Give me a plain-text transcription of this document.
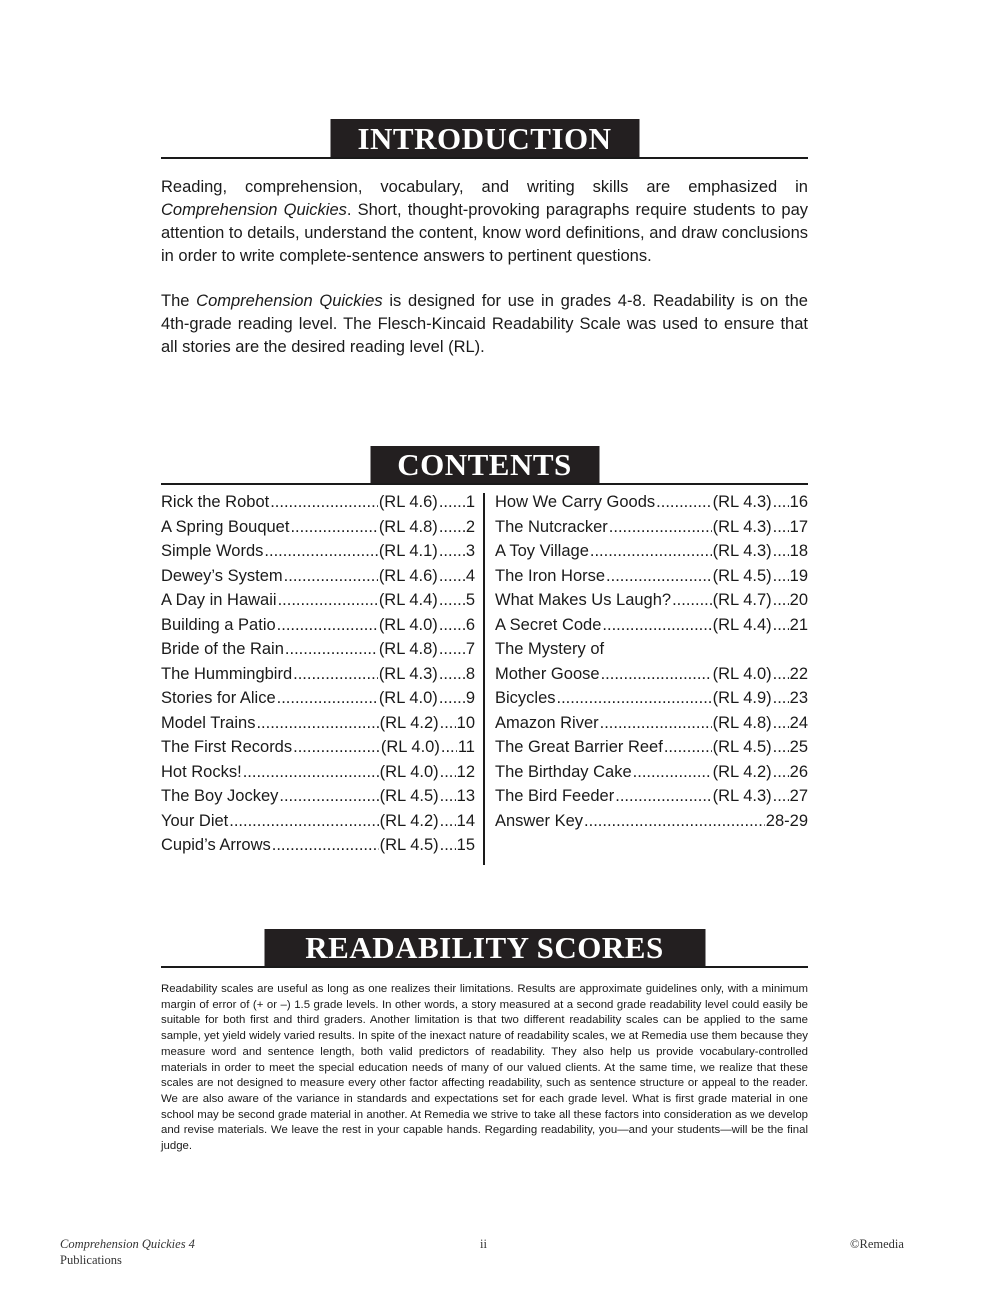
INTRODUCTION

Reading, comprehension, vocabulary, and writing skills are emphasized in Comprehension Quickies. Short, thought-provoking paragraphs require students to pay attention to details, understand the content, know word definitions, and draw conclusions in order to write complete-sentence answers to pertinent questions.

The Comprehension Quickies is designed for use in grades 4-8. Readability is on the 4th-grade reading level. The Flesch-Kincaid Readability Scale was used to ensure that all stories are the desired reading level (RL).

CONTENTS
Rick the Robot .....	(RL 4.6) ..... 1
A Spring Bouquet .....	(RL 4.8) ..... 2
Simple Words .....	(RL 4.1) ..... 3
Dewey’s System .....	(RL 4.6) ..... 4
A Day in Hawaii .....	(RL 4.4) ..... 5
Building a Patio .....	(RL 4.0) ..... 6
Bride of the Rain .....	(RL 4.8) ..... 7
The Hummingbird .....	(RL 4.3) ..... 8
Stories for Alice .....	(RL 4.0) ..... 9
Model Trains .....	(RL 4.2) ..... 10
The First Records .....	(RL 4.0) ..... 11
Hot Rocks! .....	(RL 4.0) ..... 12
The Boy Jockey .....	(RL 4.5) ..... 13
Your Diet .....	(RL 4.2) ..... 14
Cupid’s Arrows .....	(RL 4.5) ..... 15
How We Carry Goods .....	(RL 4.3) ..... 16
The Nutcracker .....	(RL 4.3) ..... 17
A Toy Village .....	(RL 4.3) ..... 18
The Iron Horse .....	(RL 4.5) ..... 19
What Makes Us Laugh? .....	(RL 4.7) ..... 20
A Secret Code .....	(RL 4.4) ..... 21
The Mystery of
Mother Goose .....	(RL 4.0) ..... 22
Bicycles .....	(RL 4.9) ..... 23
Amazon River .....	(RL 4.8) ..... 24
The Great Barrier Reef .....	(RL 4.5) ..... 25
The Birthday Cake .....	(RL 4.2) ..... 26
The Bird Feeder .....	(RL 4.3) ..... 27
Answer Key .....	28-29
READABILITY SCORES

Readability scales are useful as long as one realizes their limitations. Results are approximate guidelines only, with a minimum margin of error of (+ or –) 1.5 grade levels. In other words, a story measured at a second grade readability level could easily be suitable for both first and third graders. Another limitation is that two different readability scales can be applied to the same sample, yet yield widely varied results. In spite of the inexact nature of readability scales, we at Remedia use them because they measure word and sentence length, both valid predictors of readability. They also help us provide vocabulary-controlled materials in order to meet the special education needs of many of our valued clients. At the same time, we realize that these scales are not designed to measure every other factor affecting readability, such as sentence structure or appeal to the reader. We are also aware of the variance in standards and expectations set for each grade level. What is first grade material in one school may be second grade material in another. At Remedia we strive to take all these factors into consideration as we develop and revise materials. We leave the rest in your capable hands. Regarding readability, you—and your students—will be the final judge.

Comprehension Quickies 4
Publications
ii	©Remedia
